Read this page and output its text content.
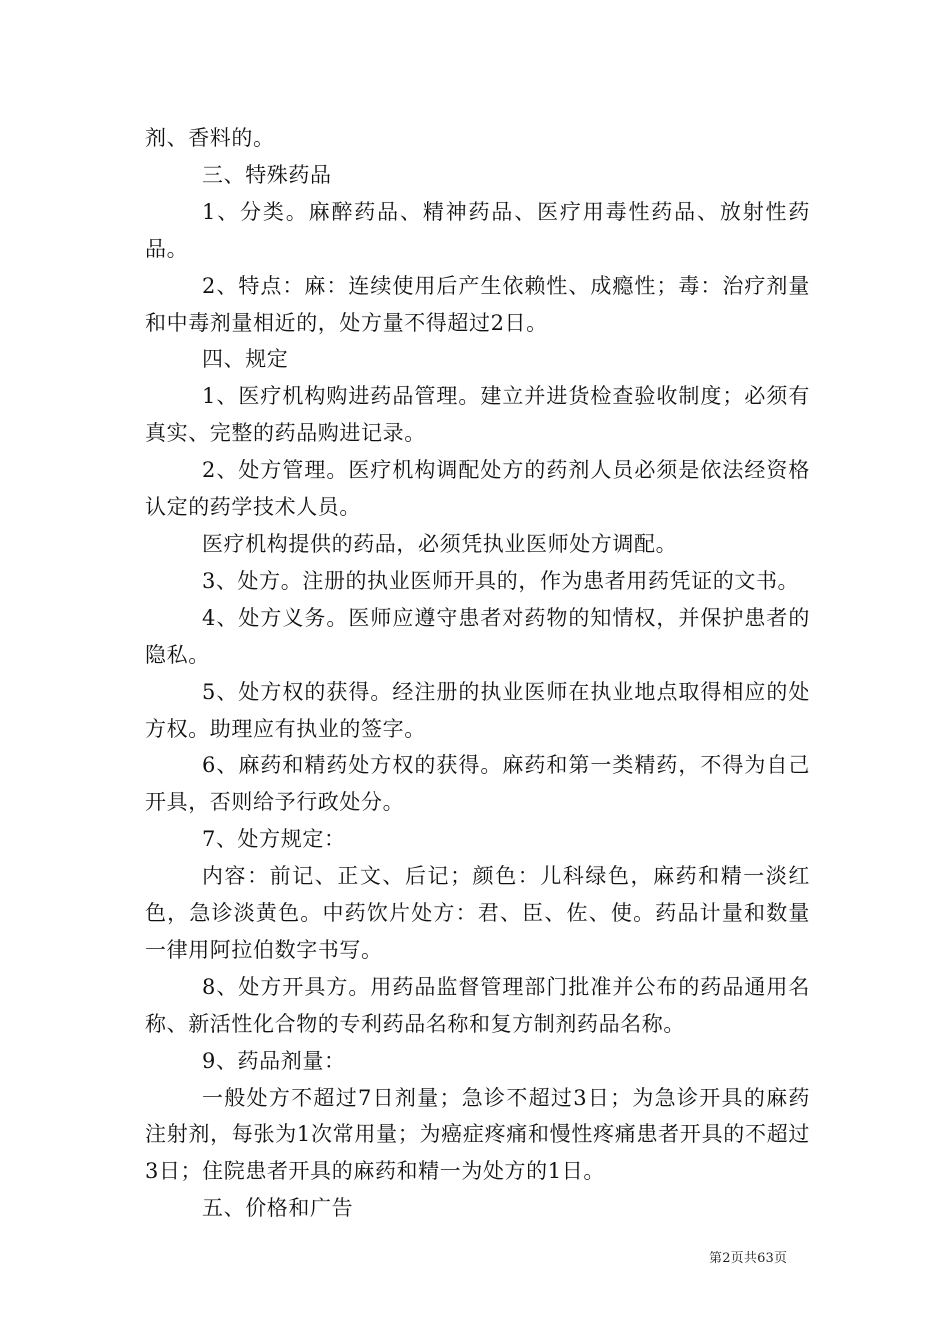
剂、香料的。

三、特殊药品

1、分类。麻醉药品、精神药品、医疗用毒性药品、放射性药品。

2、特点：麻：连续使用后产生依赖性、成瘾性；毒：治疗剂量和中毒剂量相近的，处方量不得超过2日。

四、规定

1、医疗机构购进药品管理。建立并进货检查验收制度；必须有真实、完整的药品购进记录。

2、处方管理。医疗机构调配处方的药剂人员必须是依法经资格认定的药学技术人员。

医疗机构提供的药品，必须凭执业医师处方调配。

3、处方。注册的执业医师开具的，作为患者用药凭证的文书。

4、处方义务。医师应遵守患者对药物的知情权，并保护患者的隐私。

5、处方权的获得。经注册的执业医师在执业地点取得相应的处方权。助理应有执业的签字。

6、麻药和精药处方权的获得。麻药和第一类精药，不得为自己开具，否则给予行政处分。

7、处方规定：

内容：前记、正文、后记；颜色：儿科绿色，麻药和精一淡红色，急诊淡黄色。中药饮片处方：君、臣、佐、使。药品计量和数量一律用阿拉伯数字书写。

8、处方开具方。用药品监督管理部门批准并公布的药品通用名称、新活性化合物的专利药品名称和复方制剂药品名称。

9、药品剂量：

一般处方不超过7日剂量；急诊不超过3日；为急诊开具的麻药注射剂，每张为1次常用量；为癌症疼痛和慢性疼痛患者开具的不超过3日；住院患者开具的麻药和精一为处方的1日。

五、价格和广告

第2页共63页
